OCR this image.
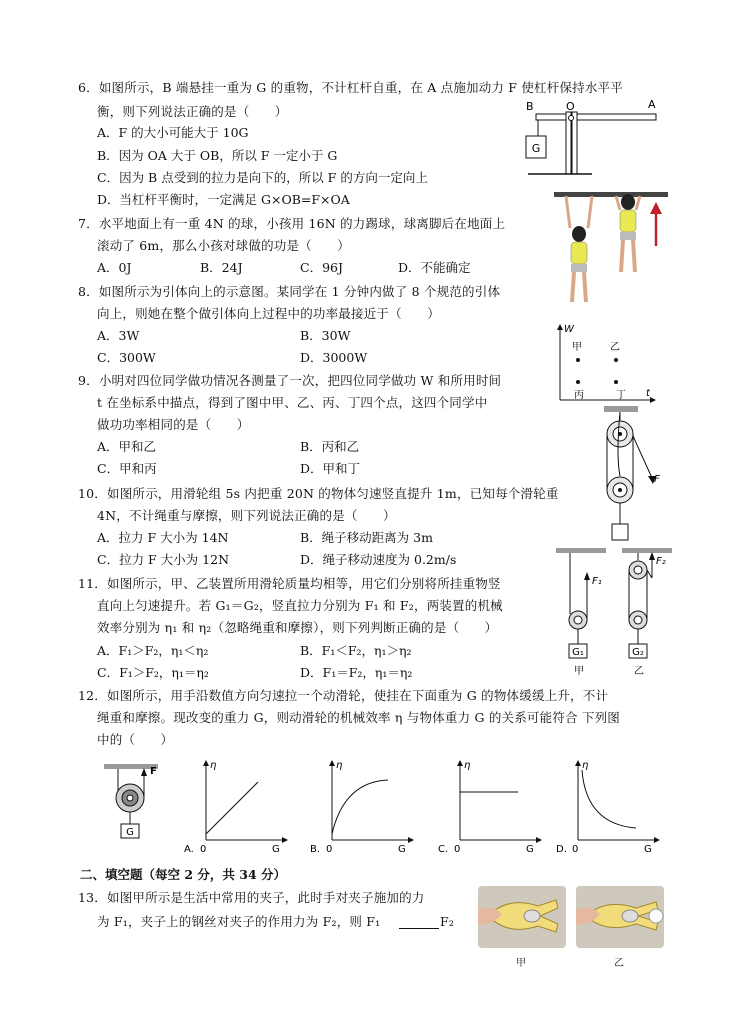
6．如图所示，B 端悬挂一重为 G 的重物，不计杠杆自重，在 A 点施加动力 F 使杠杆保持水平平
衡，则下列说法正确的是（　　）
A．F 的大小可能大于 10G
B．因为 OA 大于 OB，所以 F 一定小于 G
C．因为 B 点受到的拉力是向下的，所以 F 的方向一定向上
D．当杠杆平衡时，一定满足 G×OB=F×OA
G
B	O	A
7．水平地面上有一重 4N 的球，小孩用 16N 的力踢球，球离脚后在地面上
滚动了 6m，那么小孩对球做的功是（　　）
A．0J	B．24J	C．96J	D．不能确定
8．如图所示为引体向上的示意图。某同学在 1 分钟内做了 8 个规范的引体
向上，则她在整个做引体向上过程中的功率最接近于（　　）
A．3W	B．30W
C．300W	D．3000W
W
t
甲	乙
丙	丁
9．小明对四位同学做功情况各测量了一次，把四位同学做功 W 和所用时间
t 在坐标系中描点，得到了图中甲、乙、丙、丁四个点，这四个同学中
做功功率相同的是（　　）
A．甲和乙	B．丙和乙
C．甲和丙	D．甲和丁
F
10．如图所示，用滑轮组 5s 内把重 20N 的物体匀速竖直提升 1m，已知每个滑轮重
4N，不计绳重与摩擦，则下列说法正确的是（　　）
A．拉力 F 大小为 14N	B．绳子移动距离为 3m
C．拉力 F 大小为 12N	D．绳子移动速度为 0.2m/s
F₁
G₁
甲
F₂
G₂
乙
11．如图所示，甲、乙装置所用滑轮质量均相等，用它们分别将所挂重物竖
直向上匀速提升。若 G₁＝G₂，竖直拉力分别为 F₁ 和 F₂，两装置的机械
效率分别为 η₁ 和 η₂（忽略绳重和摩擦），则下列判断正确的是（　　）
A．F₁＞F₂，η₁＜η₂	B．F₁＜F₂，η₁＞η₂
C．F₁＞F₂，η₁＝η₂	D．F₁＝F₂，η₁＝η₂
12．如图所示，用手沿数值方向匀速拉一个动滑轮，使挂在下面重为 G 的物体缓缓上升，不计
绳重和摩擦。现改变的重力 G，则动滑轮的机械效率 η 与物体重力 G 的关系可能符合 下列图
中的（　　）
F
G
η
0	G
A.
η
0	G
B.
η
0	G
C.
η
0	G
D.
二、填空题（每空 2 分，共 34 分）
13．如图甲所示是生活中常用的夹子，此时手对夹子施加的力
为 F₁，夹子上的钢丝对夹子的作用力为 F₂，则 F₁	F₂
甲	乙
